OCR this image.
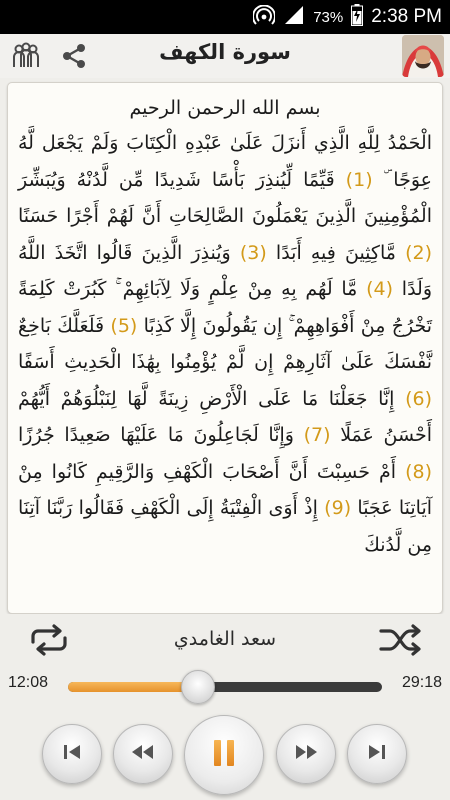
73% 2:38 PM
سورة الكهف
بسم الله الرحمن الرحيم
الْحَمْدُ لِلَّهِ الَّذِي أَنزَلَ عَلَىٰ عَبْدِهِ الْكِتَابَ وَلَمْ يَجْعَل لَّهُ عِوَجًا ۜ (1) قَيِّمًا لِّيُنذِرَ بَأْسًا شَدِيدًا مِّن لَّدُنْهُ وَيُبَشِّرَ الْمُؤْمِنِينَ الَّذِينَ يَعْمَلُونَ الصَّالِحَاتِ أَنَّ لَهُمْ أَجْرًا حَسَنًا (2) مَّاكِثِينَ فِيهِ أَبَدًا (3) وَيُنذِرَ الَّذِينَ قَالُوا اتَّخَذَ اللَّهُ وَلَدًا (4) مَّا لَهُم بِهِ مِنْ عِلْمٍ وَلَا لِآبَائِهِمْ ۚ كَبُرَتْ كَلِمَةً تَخْرُجُ مِنْ أَفْوَاهِهِمْ ۚ إِن يَقُولُونَ إِلَّا كَذِبًا (5) فَلَعَلَّكَ بَاخِعٌ نَّفْسَكَ عَلَىٰ آثَارِهِمْ إِن لَّمْ يُؤْمِنُوا بِهَٰذَا الْحَدِيثِ أَسَفًا (6) إِنَّا جَعَلْنَا مَا عَلَى الْأَرْضِ زِينَةً لَّهَا لِنَبْلُوَهُمْ أَيُّهُمْ أَحْسَنُ عَمَلًا (7) وَإِنَّا لَجَاعِلُونَ مَا عَلَيْهَا صَعِيدًا جُرُزًا (8) أَمْ حَسِبْتَ أَنَّ أَصْحَابَ الْكَهْفِ وَالرَّقِيمِ كَانُوا مِنْ آيَاتِنَا عَجَبًا (9) إِذْ أَوَى الْفِتْيَةُ إِلَى الْكَهْفِ فَقَالُوا رَبَّنَا آتِنَا مِن لَّدُنكَ
سعد الغامدي
12:08	29:18
